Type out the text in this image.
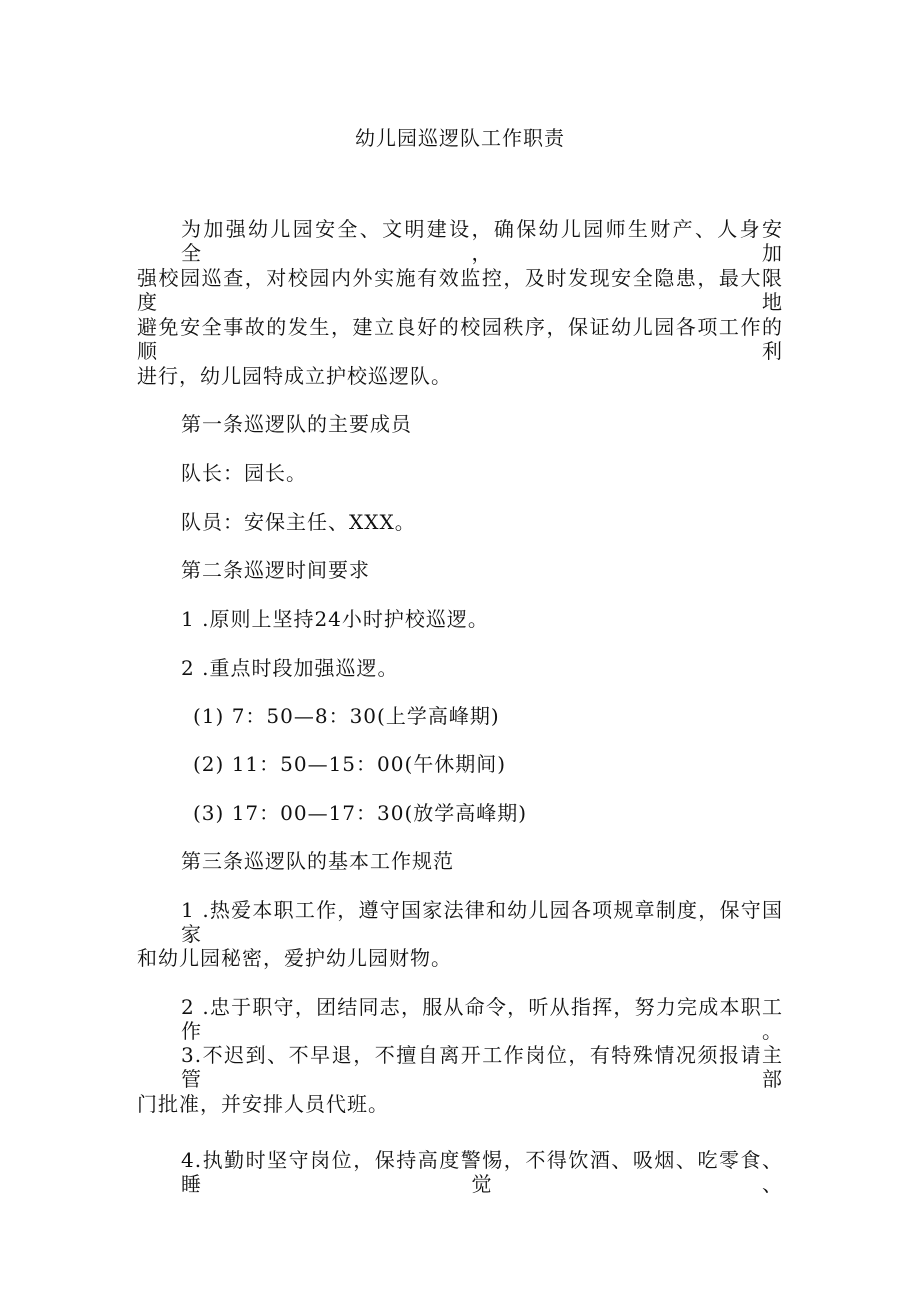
幼儿园巡逻队工作职责
为加强幼儿园安全、文明建设，确保幼儿园师生财产、人身安全，加
强校园巡查，对校园内外实施有效监控，及时发现安全隐患，最大限度地
避免安全事故的发生，建立良好的校园秩序，保证幼儿园各项工作的顺利
进行，幼儿园特成立护校巡逻队。
第一条巡逻队的主要成员
队长：园长。
队员：安保主任、XXX。
第二条巡逻时间要求
1 .原则上坚持24小时护校巡逻。
2 .重点时段加强巡逻。
(1) 7：50—8：30(上学高峰期)
(2) 11：50—15：00(午休期间)
(3) 17：00—17：30(放学高峰期)
第三条巡逻队的基本工作规范
1 .热爱本职工作，遵守国家法律和幼儿园各项规章制度，保守国家
和幼儿园秘密，爱护幼儿园财物。
2 .忠于职守，团结同志，服从命令，听从指挥，努力完成本职工作。
3.不迟到、不早退，不擅自离开工作岗位，有特殊情况须报请主管部
门批准，并安排人员代班。
4.执勤时坚守岗位，保持高度警惕，不得饮酒、吸烟、吃零食、睡觉、
